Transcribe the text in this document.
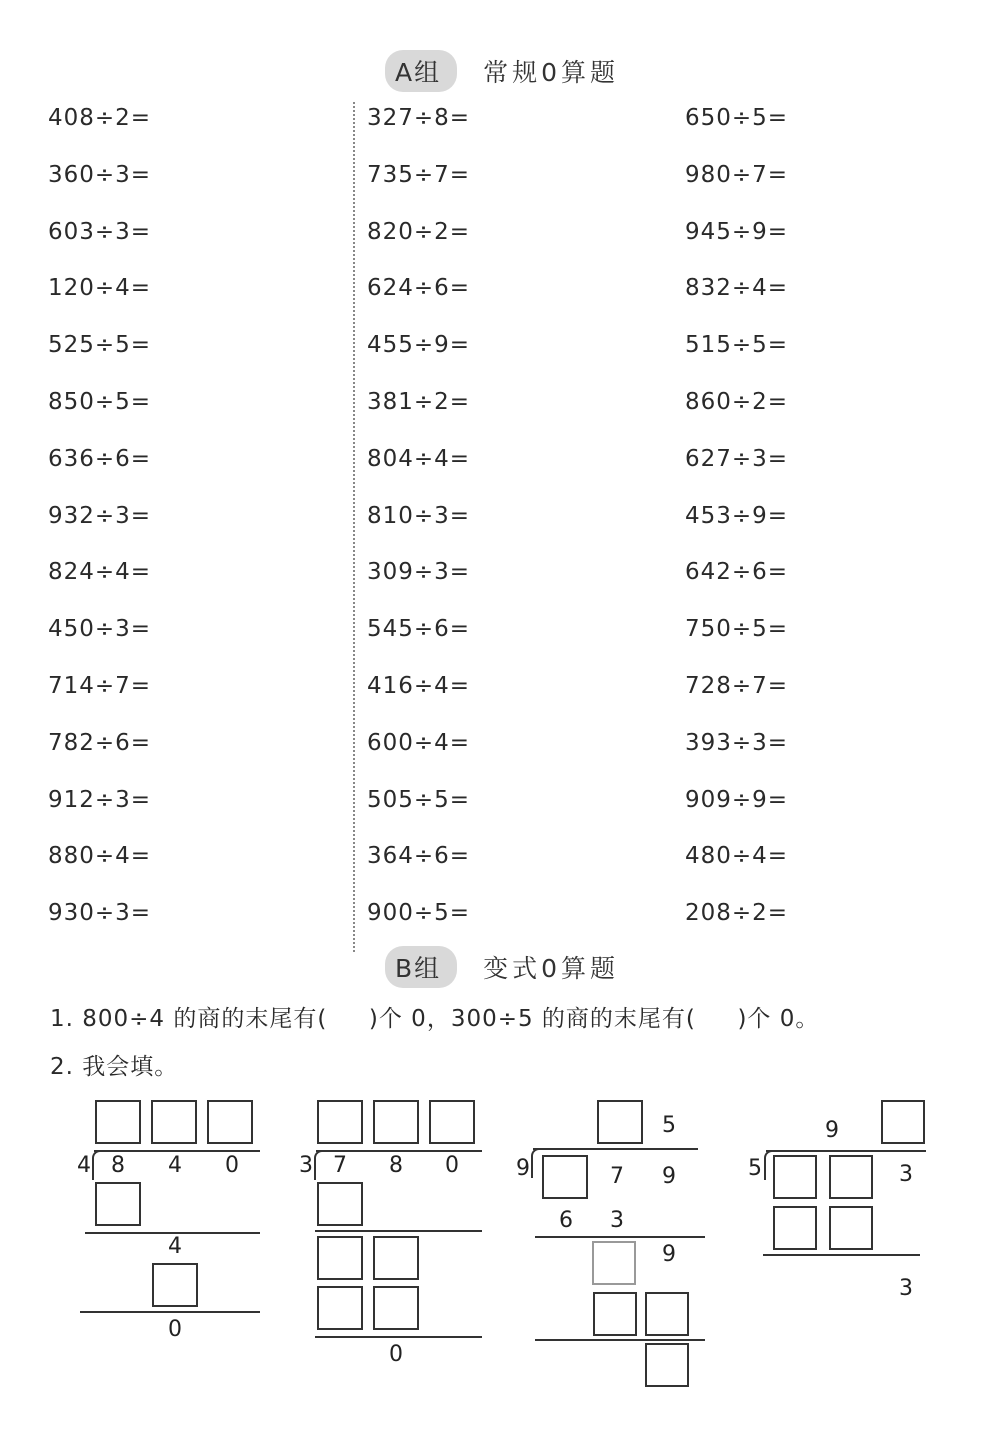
A组	常规0算题
408÷2=
360÷3=
603÷3=
120÷4=
525÷5=
850÷5=
636÷6=
932÷3=
824÷4=
450÷3=
714÷7=
782÷6=
912÷3=
880÷4=
930÷3=
327÷8=
735÷7=
820÷2=
624÷6=
455÷9=
381÷2=
804÷4=
810÷3=
309÷3=
545÷6=
416÷4=
600÷4=
505÷5=
364÷6=
900÷5=
650÷5=
980÷7=
945÷9=
832÷4=
515÷5=
860÷2=
627÷3=
453÷9=
642÷6=
750÷5=
728÷7=
393÷3=
909÷9=
480÷4=
208÷2=
B组	变式0算题
1. 800÷4 的商的末尾有(     )个 0，300÷5 的商的末尾有(     )个 0。
2. 我会填。
4 8 4 0
4
0
3 7 8 0
0
5
9	7 9
6 3
9
9
5	3
3
